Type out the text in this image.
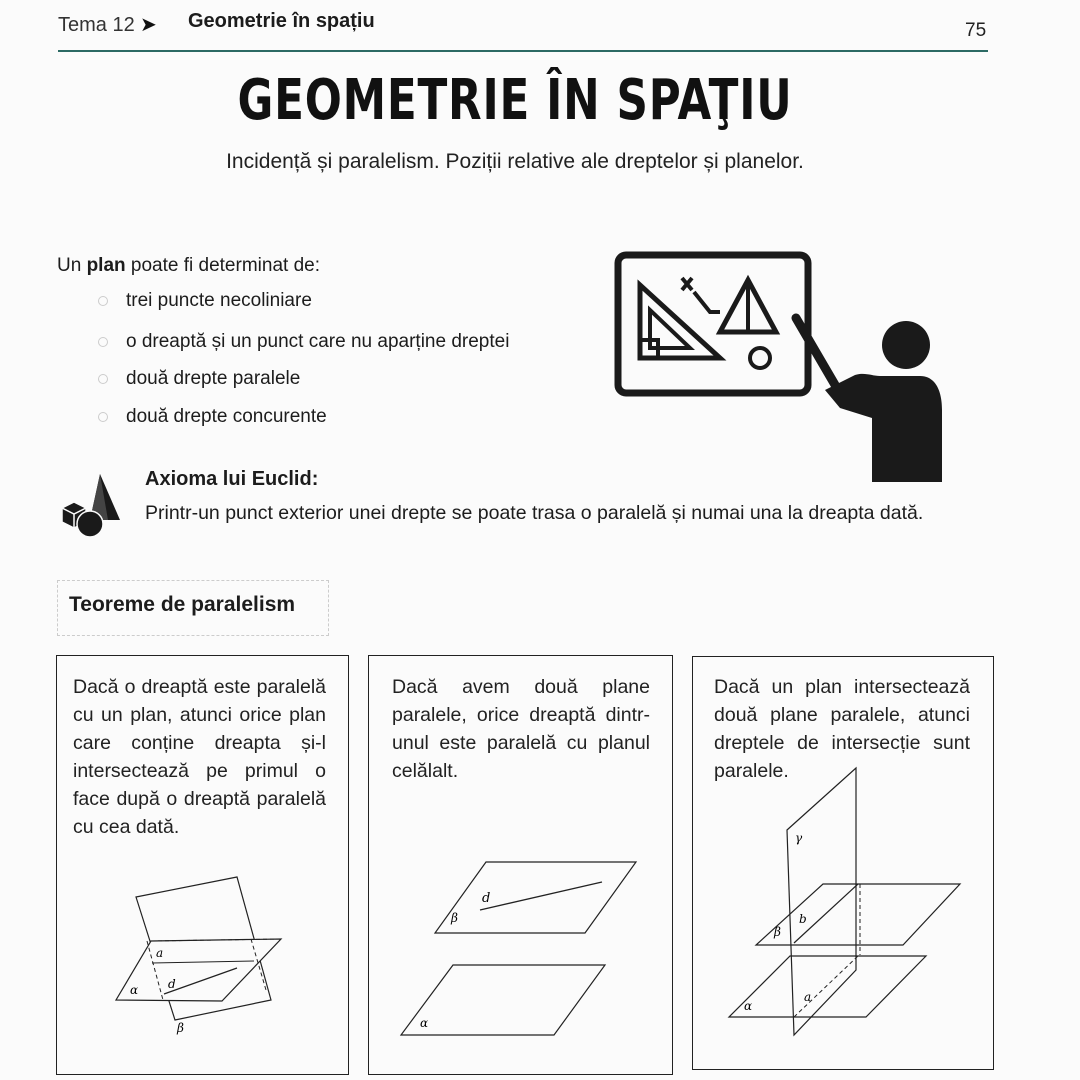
Tema 12 ➤ Geometrie în spațiu	75
GEOMETRIE ÎN SPAŢIU
Incidență și paralelism. Poziții relative ale dreptelor și planelor.
Un plan poate fi determinat de:
trei puncte necoliniare
o dreaptă și un punct care nu aparține dreptei
două drepte paralele
două drepte concurente
Axioma lui Euclid:
Printr-un punct exterior unei drepte se poate trasa o paralelă și numai una la dreapta dată.
Teoreme de paralelism
Dacă o dreaptă este paralelă cu un plan, atunci orice plan care conține dreapta și-l intersectează pe primul o face după o dreaptă paralelă cu cea dată.
a
α d
β
Dacă avem două plane paralele, orice dreaptă dintr-unul este paralelă cu planul celălalt.
d
β
α
Dacă un plan intersectează două plane paralele, atunci dreptele de intersecție sunt paralele.
γ
b
β
a
α
